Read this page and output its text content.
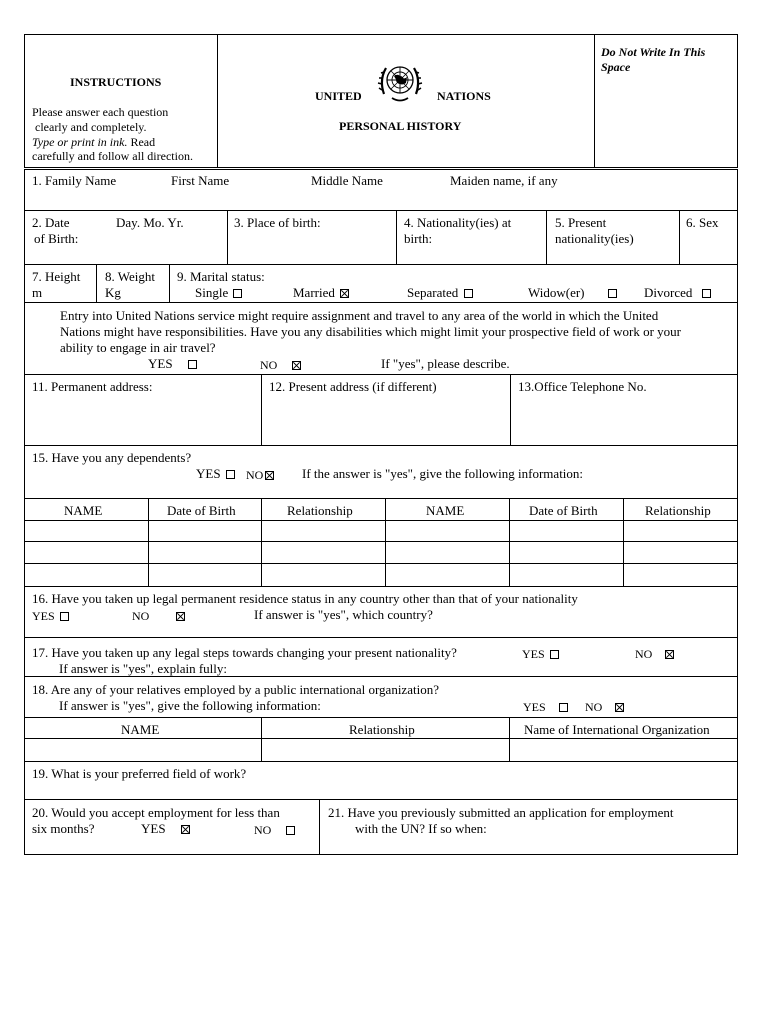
INSTRUCTIONS
Please answer each question
clearly and completely.
Type or print in ink. Read
carefully and follow all direction.
UNITED	NATIONS
PERSONAL HISTORY
Do Not Write In This
Space
1. Family Name	First Name	Middle Name	Maiden name, if any
2. Date
of Birth:
Day. Mo. Yr.	3. Place of birth:	4. Nationality(ies) at
birth:
5. Present
nationality(ies)
6. Sex
7. Height
m
8. Weight
Kg
9. Marital status:
Single	Married	Separated	Widow(er)	Divorced
Entry into United Nations service might require assignment and travel to any area of the world in which the United
Nations might have responsibilities. Have you any disabilities which might limit your prospective field of work or your
ability to engage in air travel?
YES	NO	If "yes", please describe.
11. Permanent address:	12. Present address (if different)	13.Office Telephone No.
15. Have you any dependents?
YES	NO	If the answer is "yes", give the following information:
NAME	Date of Birth	Relationship	NAME	Date of Birth	Relationship
16. Have you taken up legal permanent residence status in any country other than that of your nationality
YES	NO	If answer is "yes", which country?
17. Have you taken up any legal steps towards changing your present nationality?
If answer is "yes", explain fully:
YES	NO
18. Are any of your relatives employed by a public international organization?
If answer is "yes", give the following information:	YES	NO
NAME	Relationship	Name of International Organization
19. What is your preferred field of work?
20. Would you accept employment for less than
six months?	YES	NO
21. Have you previously submitted an application for employment
with the UN? If so when:
